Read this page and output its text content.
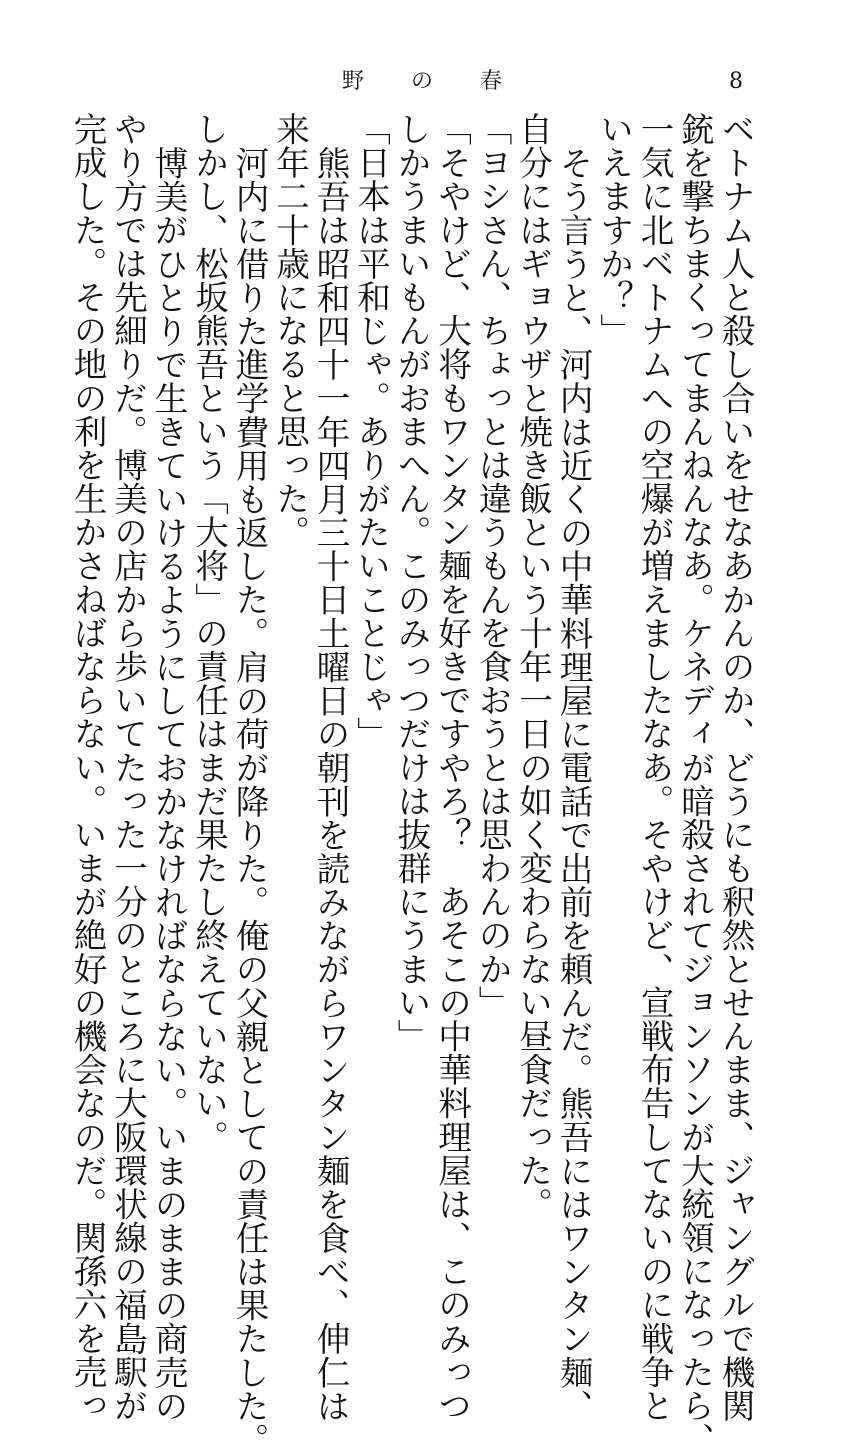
野 の 春	8
ベトナム人と殺し合いをせなあかんのか、どうにも釈然とせんまま、ジャングルで機関
銃を撃ちまくってまんねんなあ。ケネディが暗殺されてジョンソンが大統領になったら、
一気に北ベトナムへの空爆が増えましたなあ。そやけど、宣戦布告してないのに戦争と
いえますか？」
そう言うと、河内は近くの中華料理屋に電話で出前を頼んだ。熊吾にはワンタン麺、
自分にはギョウザと焼き飯という十年一日の如く変わらない昼食だった。
「ヨシさん、ちょっとは違うもんを食おうとは思わんのか」
「そやけど、大将もワンタン麺を好きですやろ？　あそこの中華料理屋は、このみっつ
しかうまいもんがおまへん。このみっつだけは抜群にうまい」
「日本は平和じゃ。ありがたいことじゃ」
熊吾は昭和四十一年四月三十日土曜日の朝刊を読みながらワンタン麺を食べ、伸仁は
来年二十歳になると思った。
河内に借りた進学費用も返した。肩の荷が降りた。俺の父親としての責任は果たした。
しかし、松坂熊吾という「大将」の責任はまだ果たし終えていない。
博美がひとりで生きていけるようにしておかなければならない。いまのままの商売の
やり方では先細りだ。博美の店から歩いてたった一分のところに大阪環状線の福島駅が
完成した。その地の利を生かさねばならない。いまが絶好の機会なのだ。関孫六を売っ
